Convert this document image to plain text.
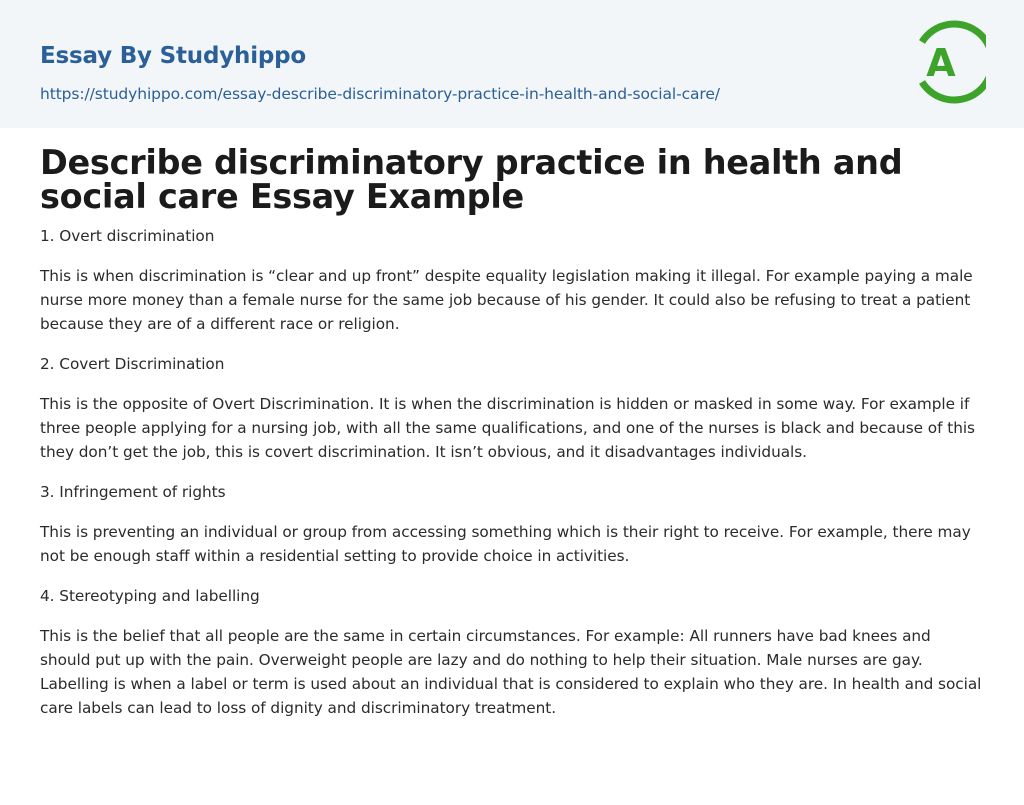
Essay By Studyhippo
https://studyhippo.com/essay-describe-discriminatory-practice-in-health-and-social-care/
A
Describe discriminatory practice in health and social care Essay Example

1. Overt discrimination

This is when discrimination is “clear and up front” despite equality legislation making it illegal. For example paying a male nurse more money than a female nurse for the same job because of his gender. It could also be refusing to treat a patient because they are of a different race or religion.

2. Covert Discrimination

This is the opposite of Overt Discrimination. It is when the discrimination is hidden or masked in some way. For example if three people applying for a nursing job, with all the same qualifications, and one of the nurses is black and because of this they don’t get the job, this is covert discrimination. It isn’t obvious, and it disadvantages individuals.

3. Infringement of rights

This is preventing an individual or group from accessing something which is their right to receive. For example, there may not be enough staff within a residential setting to provide choice in activities.

4. Stereotyping and labelling

This is the belief that all people are the same in certain circumstances. For example: All runners have bad knees and should put up with the pain. Overweight people are lazy and do nothing to help their situation. Male nurses are gay. Labelling is when a label or term is used about an individual that is considered to explain who they are. In health and social care labels can lead to loss of dignity and discriminatory treatment.
